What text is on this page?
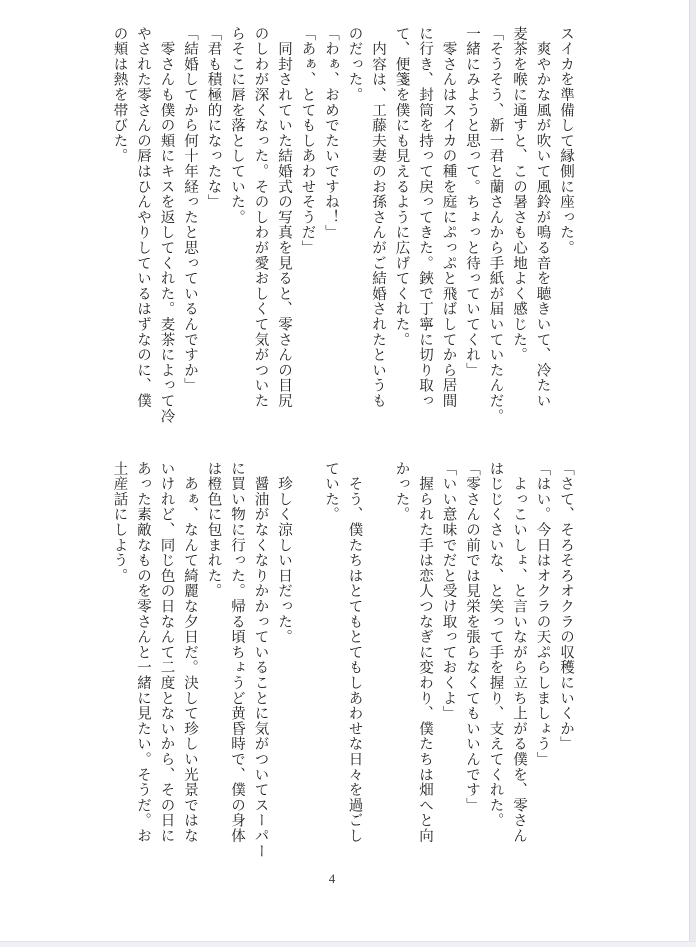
スイカを準備して縁側に座った。
　爽やかな風が吹いて風鈴が鳴る音を聴きいて、冷たい
麦茶を喉に通すと、この暑さも心地よく感じた。
「そうそう、新一君と蘭さんから手紙が届いていたんだ。
一緒にみようと思って。ちょっと待っていてくれ」
　零さんはスイカの種を庭にぷっぷと飛ばしてから居間
に行き、封筒を持って戻ってきた。鋏で丁寧に切り取っ
て、便箋を僕にも見えるように広げてくれた。
　内容は、工藤夫妻のお孫さんがご結婚されたというも
のだった。
「わぁ、おめでたいですね！」
「あぁ、とてもしあわせそうだ」
　同封されていた結婚式の写真を見ると、零さんの目尻
のしわが深くなった。そのしわが愛おしくて気がついた
らそこに唇を落としていた。
「君も積極的になったな」
「結婚してから何十年経ったと思っているんですか」
　零さんも僕の頬にキスを返してくれた。麦茶によって冷
やされた零さんの唇はひんやりしているはずなのに、僕
の頬は熱を帯びた。
「さて、そろそろオクラの収穫にいくか」
「はい。今日はオクラの天ぷらしましょう」
　よっこいしょ、と言いながら立ち上がる僕を、零さん
はじじくさいな、と笑って手を握り、支えてくれた。
「零さんの前では見栄を張らなくてもいいんです」
「いい意味でだと受け取っておくよ」
　握られた手は恋人つなぎに変わり、僕たちは畑へと向
かった。
　そう、僕たちはとてもとてもしあわせな日々を過ごし
ていた。
　珍しく涼しい日だった。
　醤油がなくなりかかっていることに気がついてスーパー
に買い物に行った。帰る頃ちょうど黄昏時で、僕の身体
は橙色に包まれた。
　あぁ、なんて綺麗な夕日だ。決して珍しい光景ではな
いけれど、同じ色の日なんて二度とないから、その日に
あった素敵なものを零さんと一緒に見たい。そうだ。お
土産話にしよう。
4
